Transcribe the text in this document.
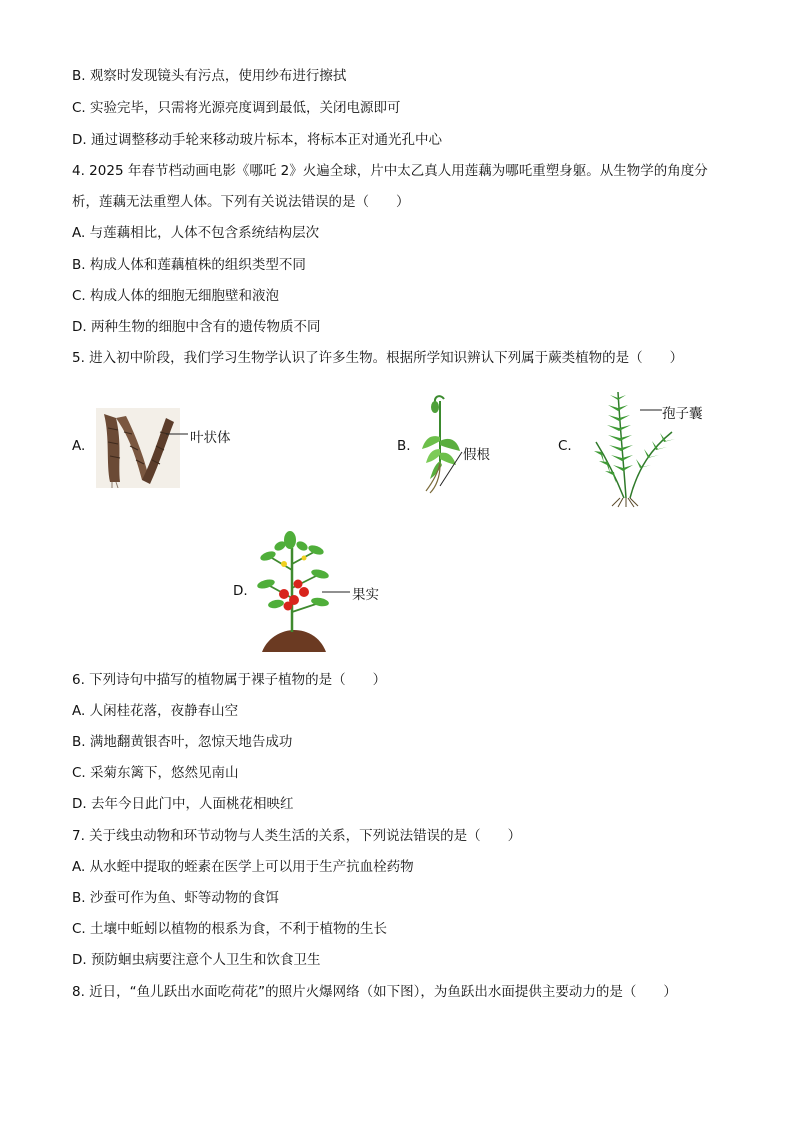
B. 观察时发现镜头有污点，使用纱布进行擦拭
C. 实验完毕，只需将光源亮度调到最低，关闭电源即可
D. 通过调整移动手轮来移动玻片标本，将标本正对通光孔中心
4. 2025 年春节档动画电影《哪吒 2》火遍全球，片中太乙真人用莲藕为哪吒重塑身躯。从生物学的角度分
析，莲藕无法重塑人体。下列有关说法错误的是（　　）
A. 与莲藕相比，人体不包含系统结构层次
B. 构成人体和莲藕植株的组织类型不同
C. 构成人体的细胞无细胞壁和液泡
D. 两种生物的细胞中含有的遗传物质不同
5. 进入初中阶段，我们学习生物学认识了许多生物。根据所学知识辨认下列属于蕨类植物的是（　　）
A.	叶状体	B.
假根
C.
孢子囊
D.	果实
6. 下列诗句中描写的植物属于裸子植物的是（　　）
A. 人闲桂花落，夜静春山空
B. 满地翻黄银杏叶，忽惊天地告成功
C. 采菊东篱下，悠然见南山
D. 去年今日此门中，人面桃花相映红
7. 关于线虫动物和环节动物与人类生活的关系，下列说法错误的是（　　）
A. 从水蛭中提取的蛭素在医学上可以用于生产抗血栓药物
B. 沙蚕可作为鱼、虾等动物的食饵
C. 土壤中蚯蚓以植物的根系为食，不利于植物的生长
D. 预防蛔虫病要注意个人卫生和饮食卫生
8. 近日，“鱼儿跃出水面吃荷花”的照片火爆网络（如下图），为鱼跃出水面提供主要动力的是（　　）
